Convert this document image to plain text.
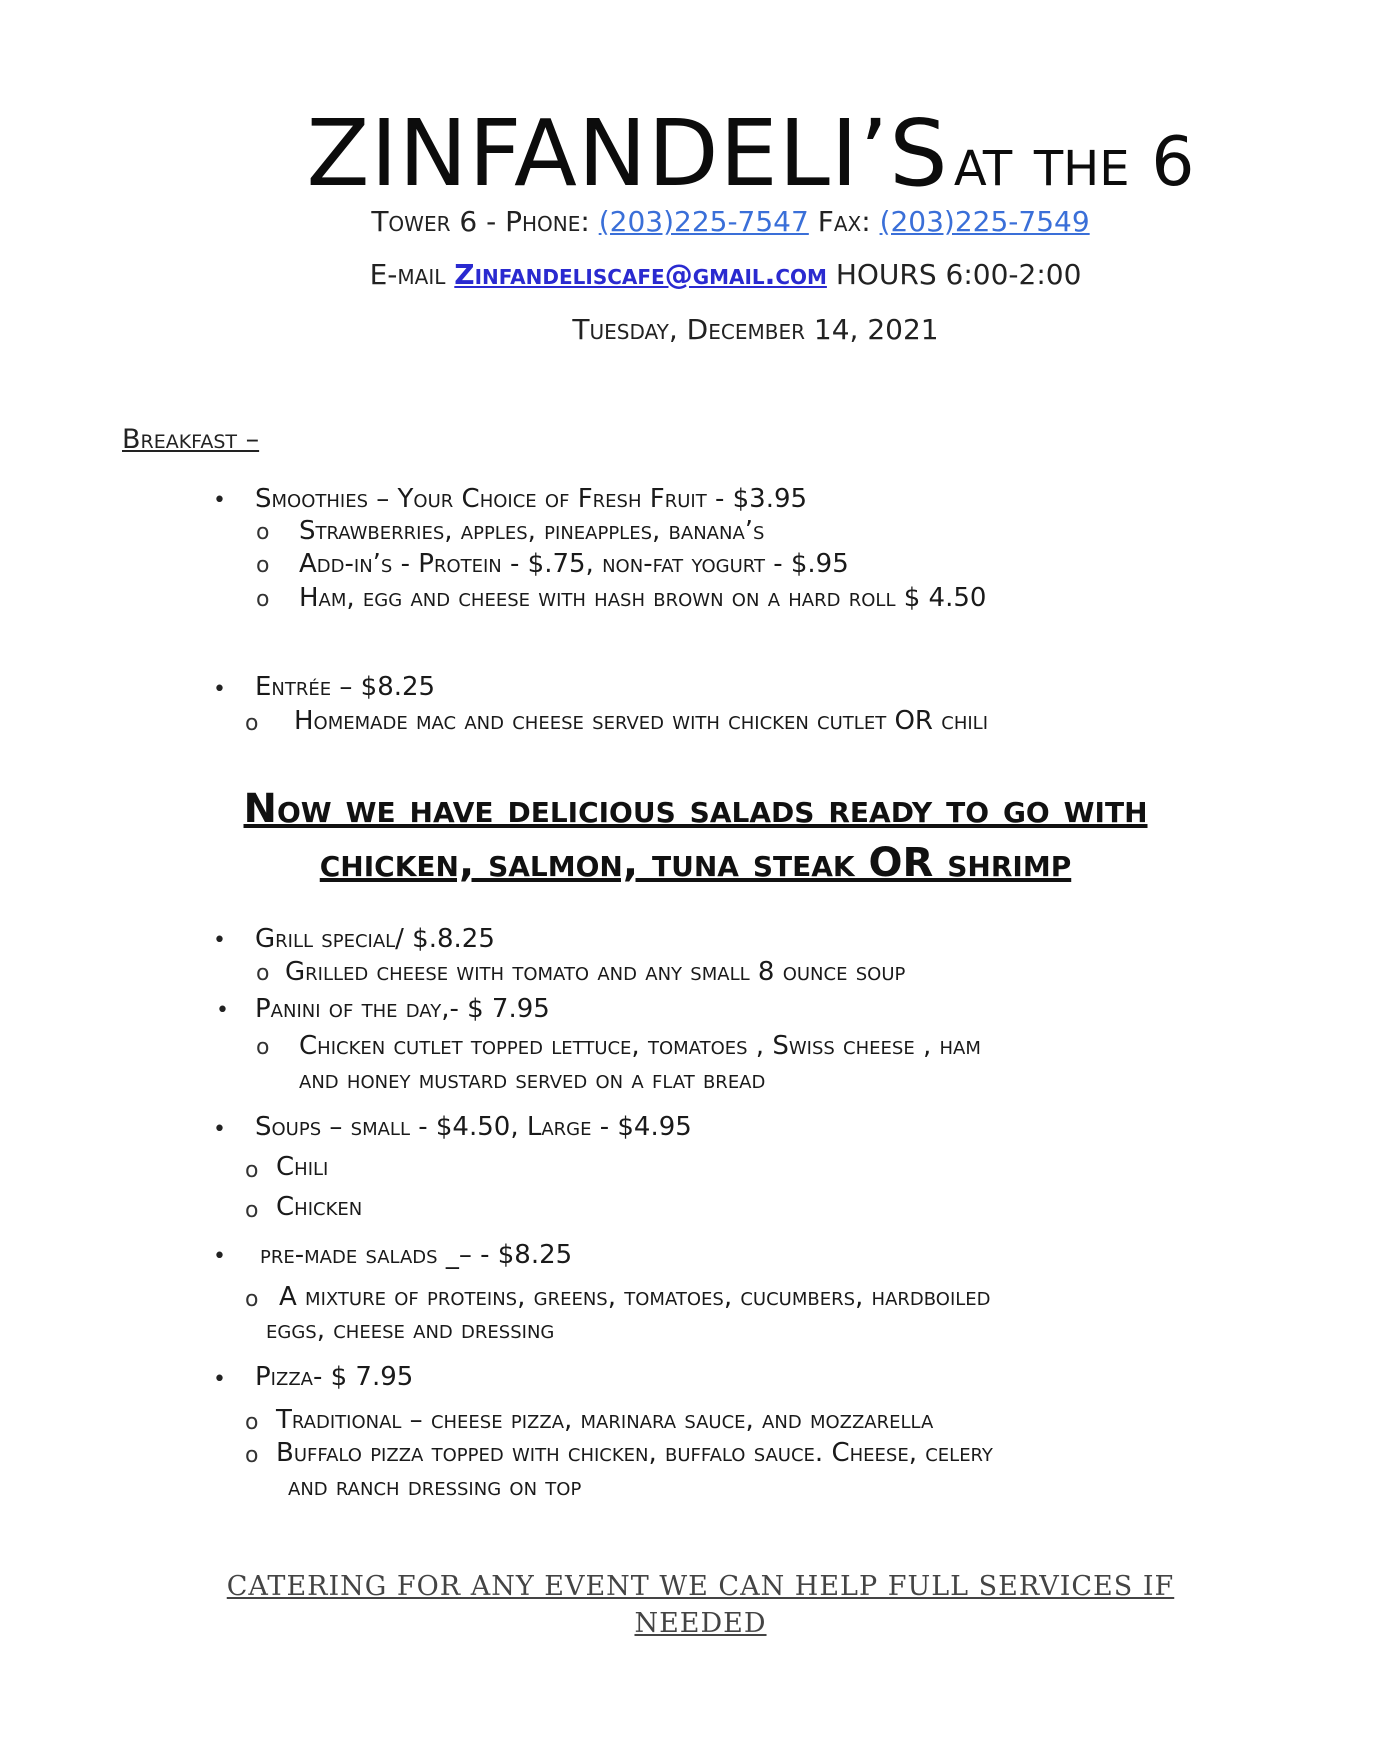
ZINFANDELI’S at the 6
Tower 6 - Phone: (203)225-7547 Fax: (203)225-7549
E-mail Zinfandeliscafe@gmail.com HOURS 6:00-2:00
Tuesday, December 14, 2021
Breakfast –
• Smoothies – Your Choice of Fresh Fruit - $3.95
o Strawberries, apples, pineapples, banana’s
o Add-in’s - Protein - $.75, non-fat yogurt - $.95
o Ham, egg and cheese with hash brown on a hard roll $ 4.50
• Entrée – $8.25
o Homemade mac and cheese served with chicken cutlet OR chili
Now we have delicious salads ready to go with
chicken, salmon, tuna steak OR shrimp
• Grill special/ $.8.25
o Grilled cheese with tomato and any small 8 ounce soup
• Panini of the day,- $ 7.95
o Chicken cutlet topped lettuce, tomatoes , Swiss cheese , ham
and honey mustard served on a flat bread
• Soups – small - $4.50, Large - $4.95
o Chili
o Chicken
• pre-made salads _– - $8.25
o A mixture of proteins, greens, tomatoes, cucumbers, hardboiled
eggs, cheese and dressing
• Pizza- $ 7.95
o Traditional – cheese pizza, marinara sauce, and mozzarella
o Buffalo pizza topped with chicken, buffalo sauce. Cheese, celery
and ranch dressing on top
CATERING FOR ANY EVENT WE CAN HELP FULL SERVICES IF NEEDED
